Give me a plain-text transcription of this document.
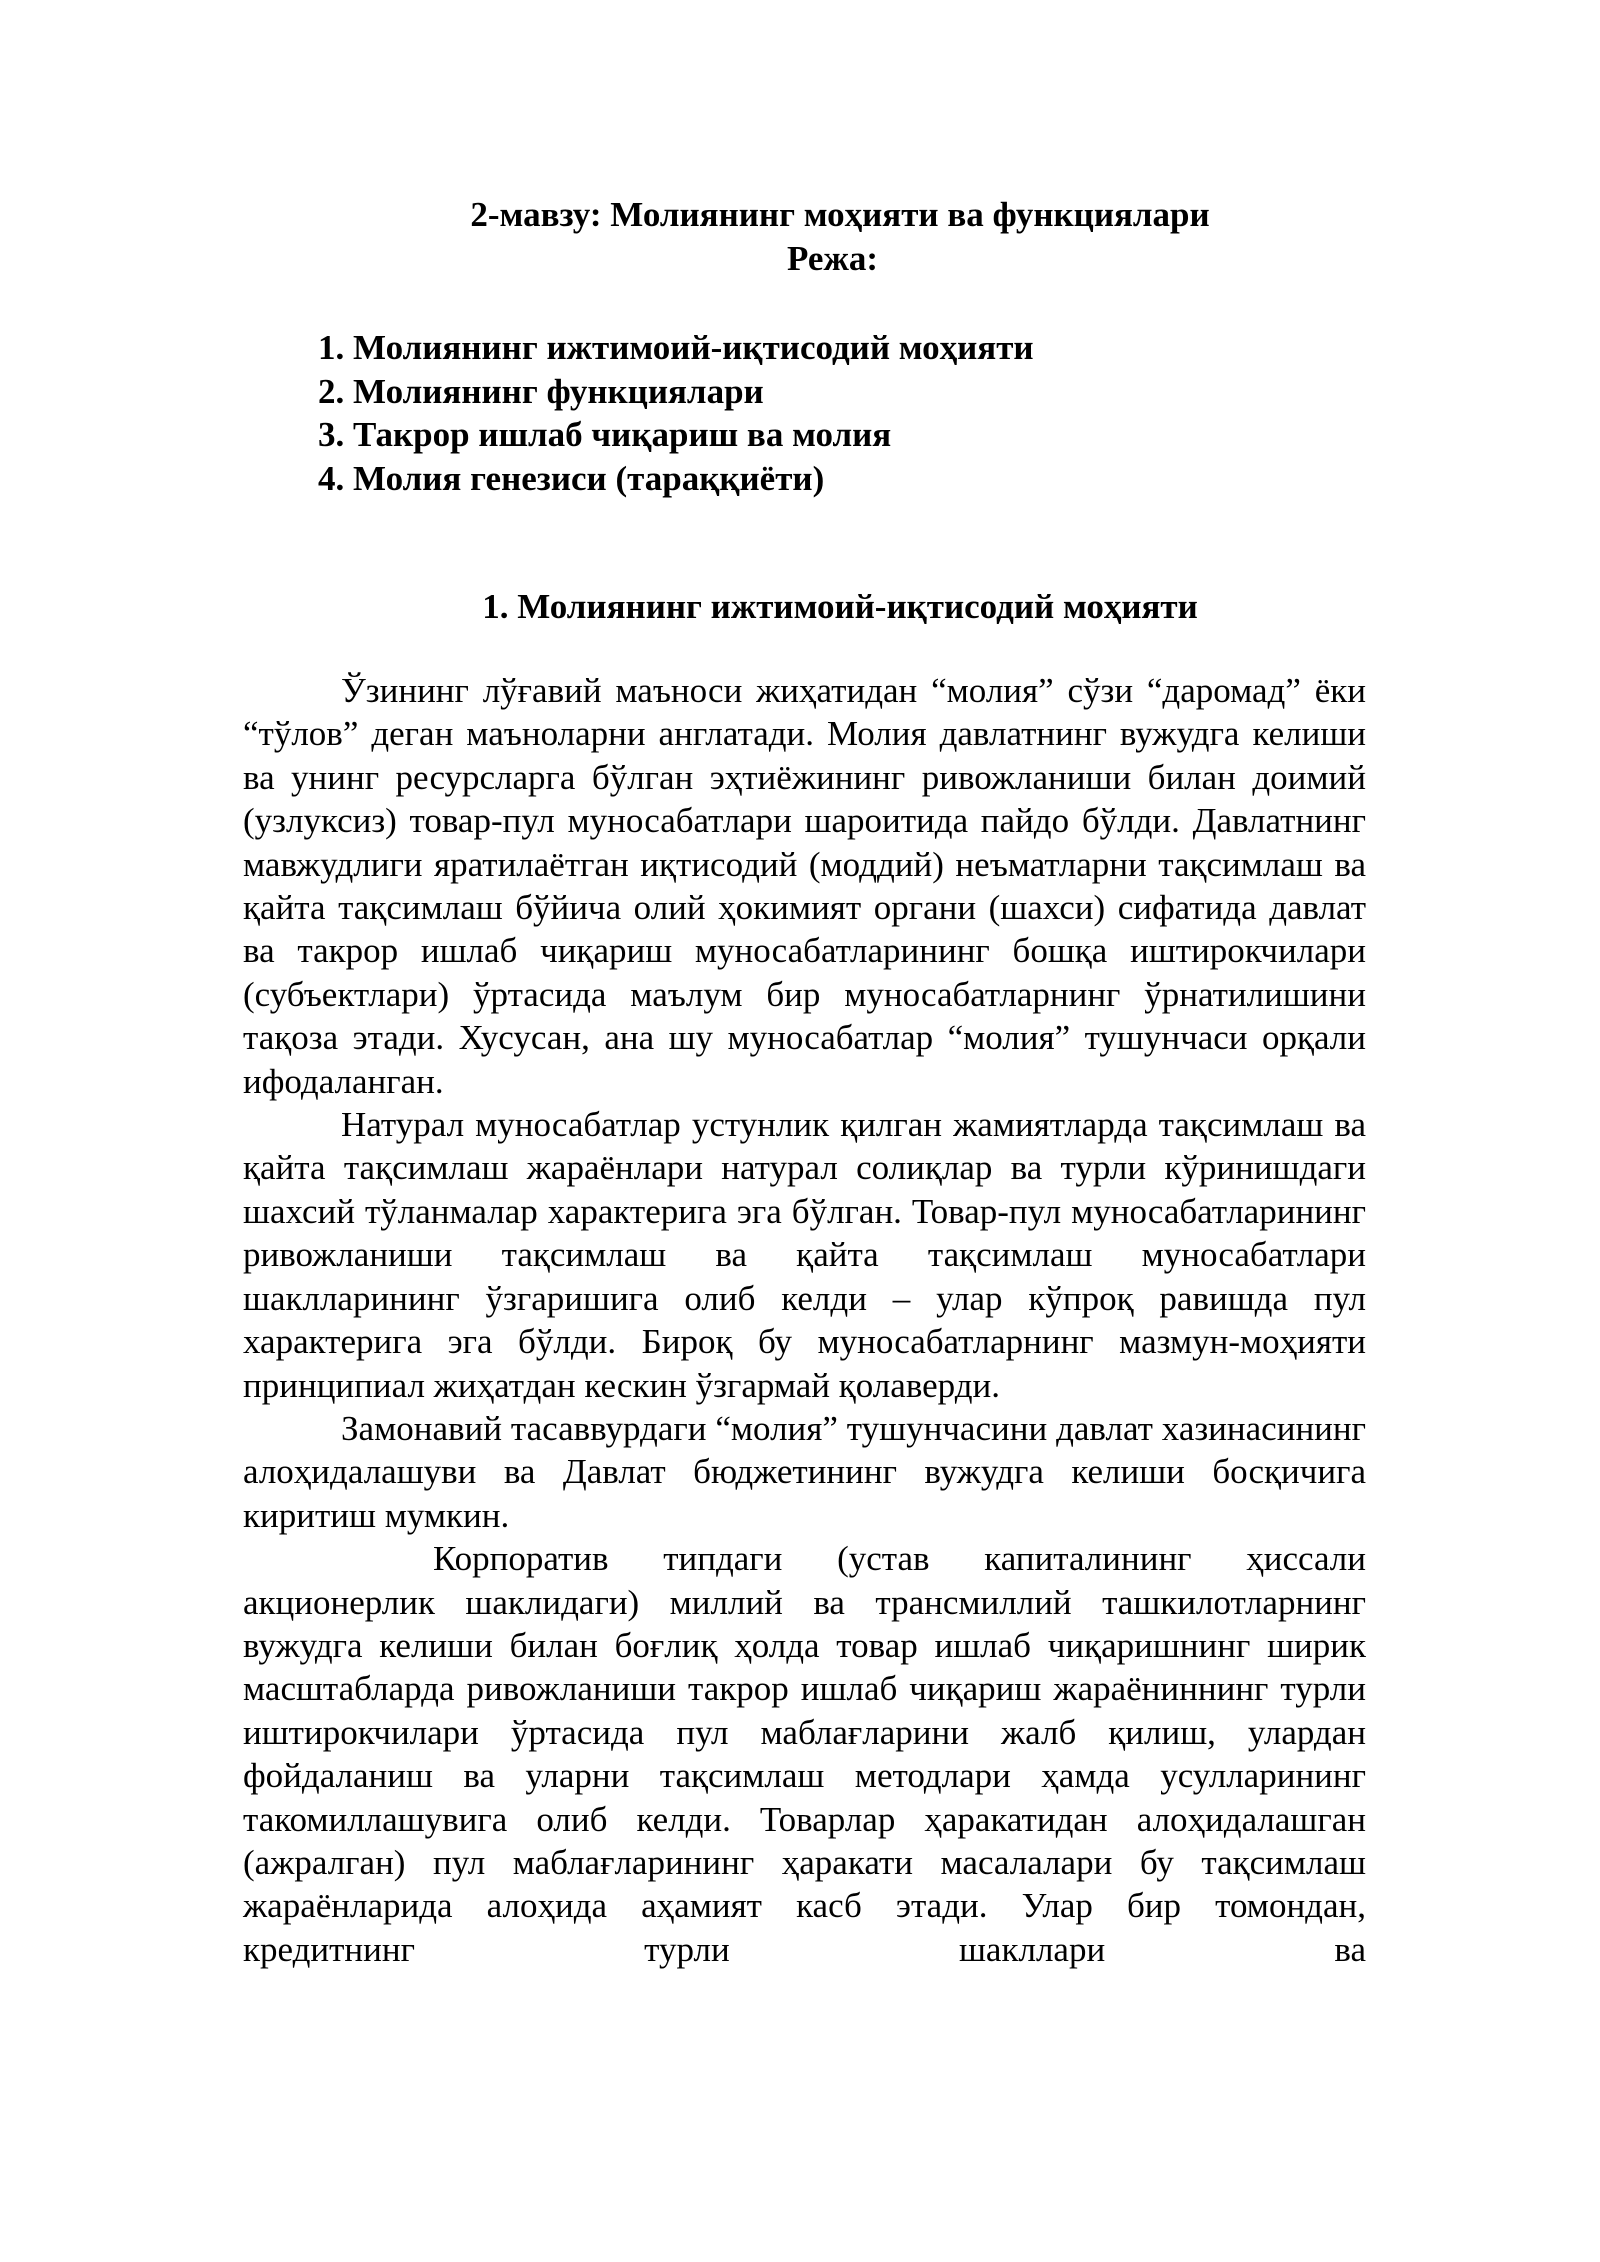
2-мавзу: Молиянинг моҳияти ва функциялари
Режа:
1. Молиянинг ижтимоий-иқтисодий моҳияти
2. Молиянинг функциялари
3. Такрор ишлаб чиқариш ва молия
4. Молия генезиси (тараққиёти)
1. Молиянинг ижтимоий-иқтисодий моҳияти

Ўзининг лўғавий маъноси жиҳатидан “молия” сўзи “даромад” ёки “тўлов” деган маъноларни англатади. Молия давлатнинг вужудга келиши ва унинг ресурсларга бўлган эҳтиёжининг ривожланиши билан доимий (узлуксиз) товар-пул муносабатлари шароитида пайдо бўлди. Давлатнинг мавжудлиги яратилаётган иқтисодий (моддий) неъматларни тақсимлаш ва қайта тақсимлаш бўйича олий ҳокимият органи (шахси) сифатида давлат ва такрор ишлаб чиқариш муносабатларининг бошқа иштирокчилари (субъектлари) ўртасида маълум бир муносабатларнинг ўрнатилишини тақоза этади. Хусусан, ана шу муносабатлар “молия” тушунчаси орқали ифодаланган.

Натурал муносабатлар устунлик қилган жамиятларда тақсимлаш ва қайта тақсимлаш жараёнлари натурал солиқлар ва турли кўринишдаги шахсий тўланмалар характерига эга бўлган. Товар-пул муносабатларининг ривожланиши тақсимлаш ва қайта тақсимлаш муносабатлари шаклларининг ўзгаришига олиб келди – улар кўпроқ равишда пул характерига эга бўлди. Бироқ бу муносабатларнинг мазмун-моҳияти принципиал жиҳатдан кескин ўзгармай қолаверди.

Замонавий тасаввурдаги “молия” тушунчасини давлат хазинасининг алоҳидалашуви ва Давлат бюджетининг вужудга келиши босқичига киритиш мумкин.

Корпоратив типдаги (устав капиталининг ҳиссали акционерлик шаклидаги) миллий ва трансмиллий ташкилотларнинг вужудга келиши билан боғлиқ ҳолда товар ишлаб чиқаришнинг ширик масштабларда ривожланиши такрор ишлаб чиқариш жараёниннинг турли иштирокчилари ўртасида пул маблағларини жалб қилиш, улардан фойдаланиш ва уларни тақсимлаш методлари ҳамда усулларининг такомиллашувига олиб келди. Товарлар ҳаракатидан алоҳидалашган (ажралган) пул маблағларининг ҳаракати масалалари бу тақсимлаш жараёнларида алоҳида аҳамият касб этади. Улар бир томондан, кредитнинг турли шакллари ва
